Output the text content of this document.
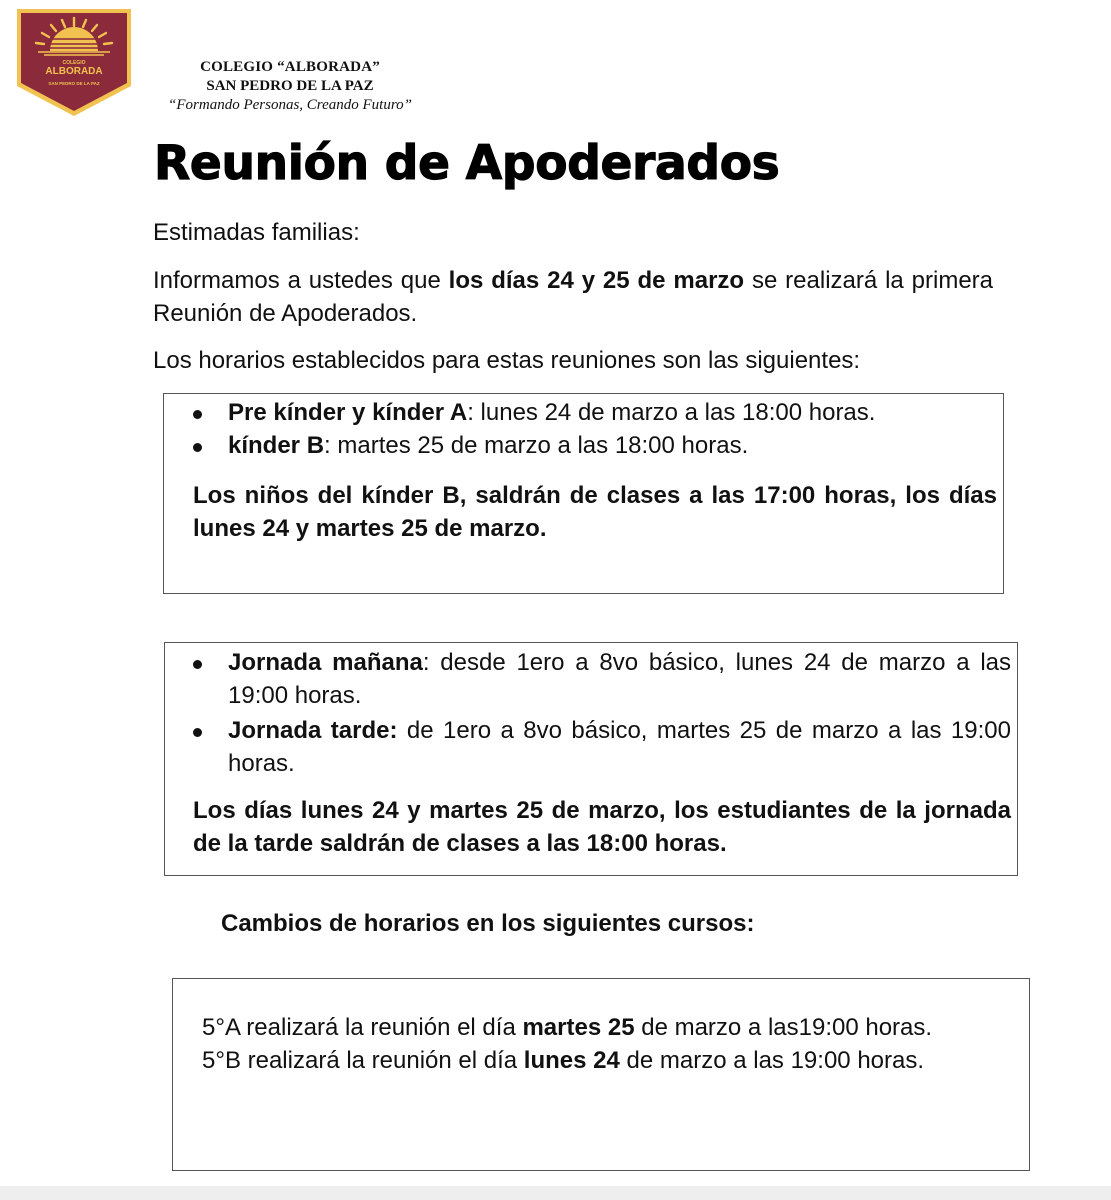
COLEGIO
ALBORADA
SAN PEDRO DE LA PAZ
COLEGIO “ALBORADA”
SAN PEDRO DE LA PAZ
“Formando Personas, Creando Futuro”
Reunión de Apoderados

Estimadas familias:

Informamos a ustedes que los días 24 y 25 de marzo se realizará la primera Reunión de Apoderados.

Los horarios establecidos para estas reuniones son las siguientes:

Pre kínder y kínder A: lunes 24 de marzo a las 18:00 horas.
kínder B: martes 25 de marzo a las 18:00 horas.

Los niños del kínder B, saldrán de clases a las 17:00 horas, los días lunes 24 y martes 25 de marzo.

Jornada mañana: desde 1ero a 8vo básico, lunes 24 de marzo a las 19:00 horas.
Jornada tarde: de 1ero a 8vo básico, martes 25 de marzo a las 19:00 horas.

Los días lunes 24 y martes 25 de marzo, los estudiantes de la jornada de la tarde saldrán de clases a las 18:00 horas.

Cambios de horarios en los siguientes cursos:

5°A realizará la reunión el día martes 25 de marzo a las19:00 horas.

5°B realizará la reunión el día lunes 24 de marzo a las 19:00 horas.
